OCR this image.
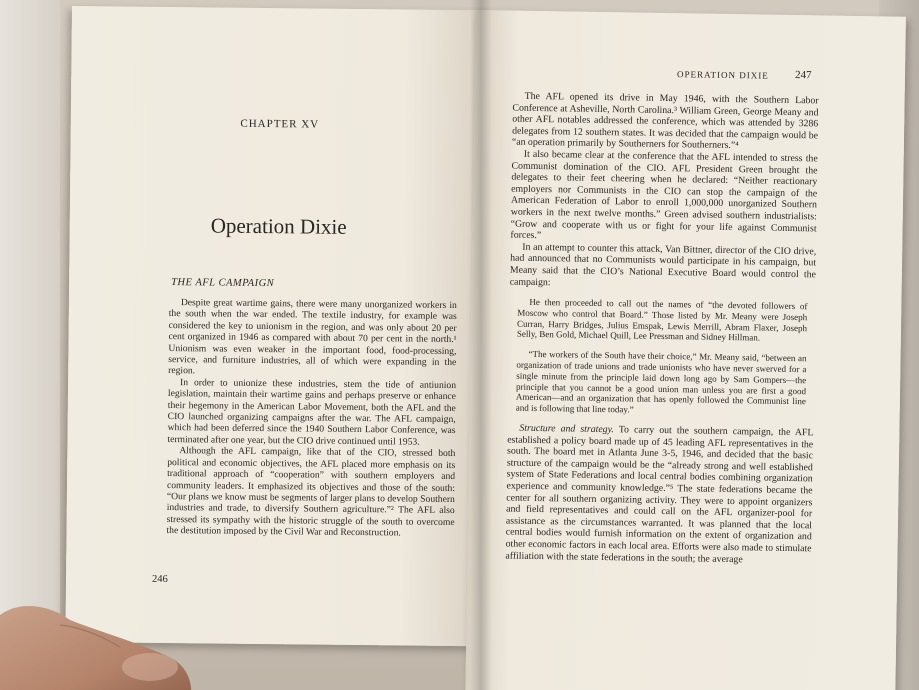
CHAPTER XV
Operation Dixie
THE AFL CAMPAIGN

Despite great wartime gains, there were many unorganized workers in the south when the war ended. The textile industry, for example was considered the key to unionism in the region, and was only about 20 per cent organized in 1946 as compared with about 70 per cent in the north.¹ Unionism was even weaker in the important food, food-processing, service, and furniture industries, all of which were expanding in the region.

In order to unionize these industries, stem the tide of antiunion legislation, maintain their wartime gains and perhaps preserve or enhance their hegemony in the American Labor Movement, both the AFL and the CIO launched organizing campaigns after the war. The AFL campaign, which had been deferred since the 1940 Southern Labor Conference, was terminated after one year, but the CIO drive continued until 1953.

Although the AFL campaign, like that of the CIO, stressed both political and economic objectives, the AFL placed more emphasis on its traditional approach of “cooperation” with southern employers and community leaders. It emphasized its objectives and those of the south: “Our plans we know must be segments of larger plans to develop Southern industries and trade, to diversify Southern agriculture.”² The AFL also stressed its sympathy with the historic struggle of the south to overcome the destitution imposed by the Civil War and Reconstruction.

246
OPERATION DIXIE 247

The AFL opened its drive in May 1946, with the Southern Labor Conference at Asheville, North Carolina.³ William Green, George Meany and other AFL notables addressed the conference, which was attended by 3286 delegates from 12 southern states. It was decided that the campaign would be “an operation primarily by Southerners for Southerners.”⁴

It also became clear at the conference that the AFL intended to stress the Communist domination of the CIO. AFL President Green brought the delegates to their feet cheering when he declared: “Neither reactionary employers nor Communists in the CIO can stop the campaign of the American Federation of Labor to enroll 1,000,000 unorganized Southern workers in the next twelve months.” Green advised southern industrialists: “Grow and cooperate with us or fight for your life against Communist forces.”

In an attempt to counter this attack, Van Bittner, director of the CIO drive, had announced that no Communists would participate in his campaign, but Meany said that the CIO’s National Executive Board would control the campaign:

He then proceeded to call out the names of “the devoted followers of Moscow who control that Board.” Those listed by Mr. Meany were Joseph Curran, Harry Bridges, Julius Emspak, Lewis Merrill, Abram Flaxer, Joseph Selly, Ben Gold, Michael Quill, Lee Pressman and Sidney Hillman.

“The workers of the South have their choice,” Mr. Meany said, “between an organization of trade unions and trade unionists who have never swerved for a single minute from the principle laid down long ago by Sam Gompers—the principle that you cannot be a good union man unless you are first a good American—and an organization that has openly followed the Communist line and is following that line today.”

Structure and strategy. To carry out the southern campaign, the AFL established a policy board made up of 45 leading AFL representatives in the south. The board met in Atlanta June 3-5, 1946, and decided that the basic structure of the campaign would be the “already strong and well established system of State Federations and local central bodies combining organization experience and community knowledge.”⁵ The state federations became the center for all southern organizing activity. They were to appoint organizers and field representatives and could call on the AFL organizer-pool for assistance as the circumstances warranted. It was planned that the local central bodies would furnish information on the extent of organization and other economic factors in each local area. Efforts were also made to stimulate affiliation with the state federations in the south; the average
